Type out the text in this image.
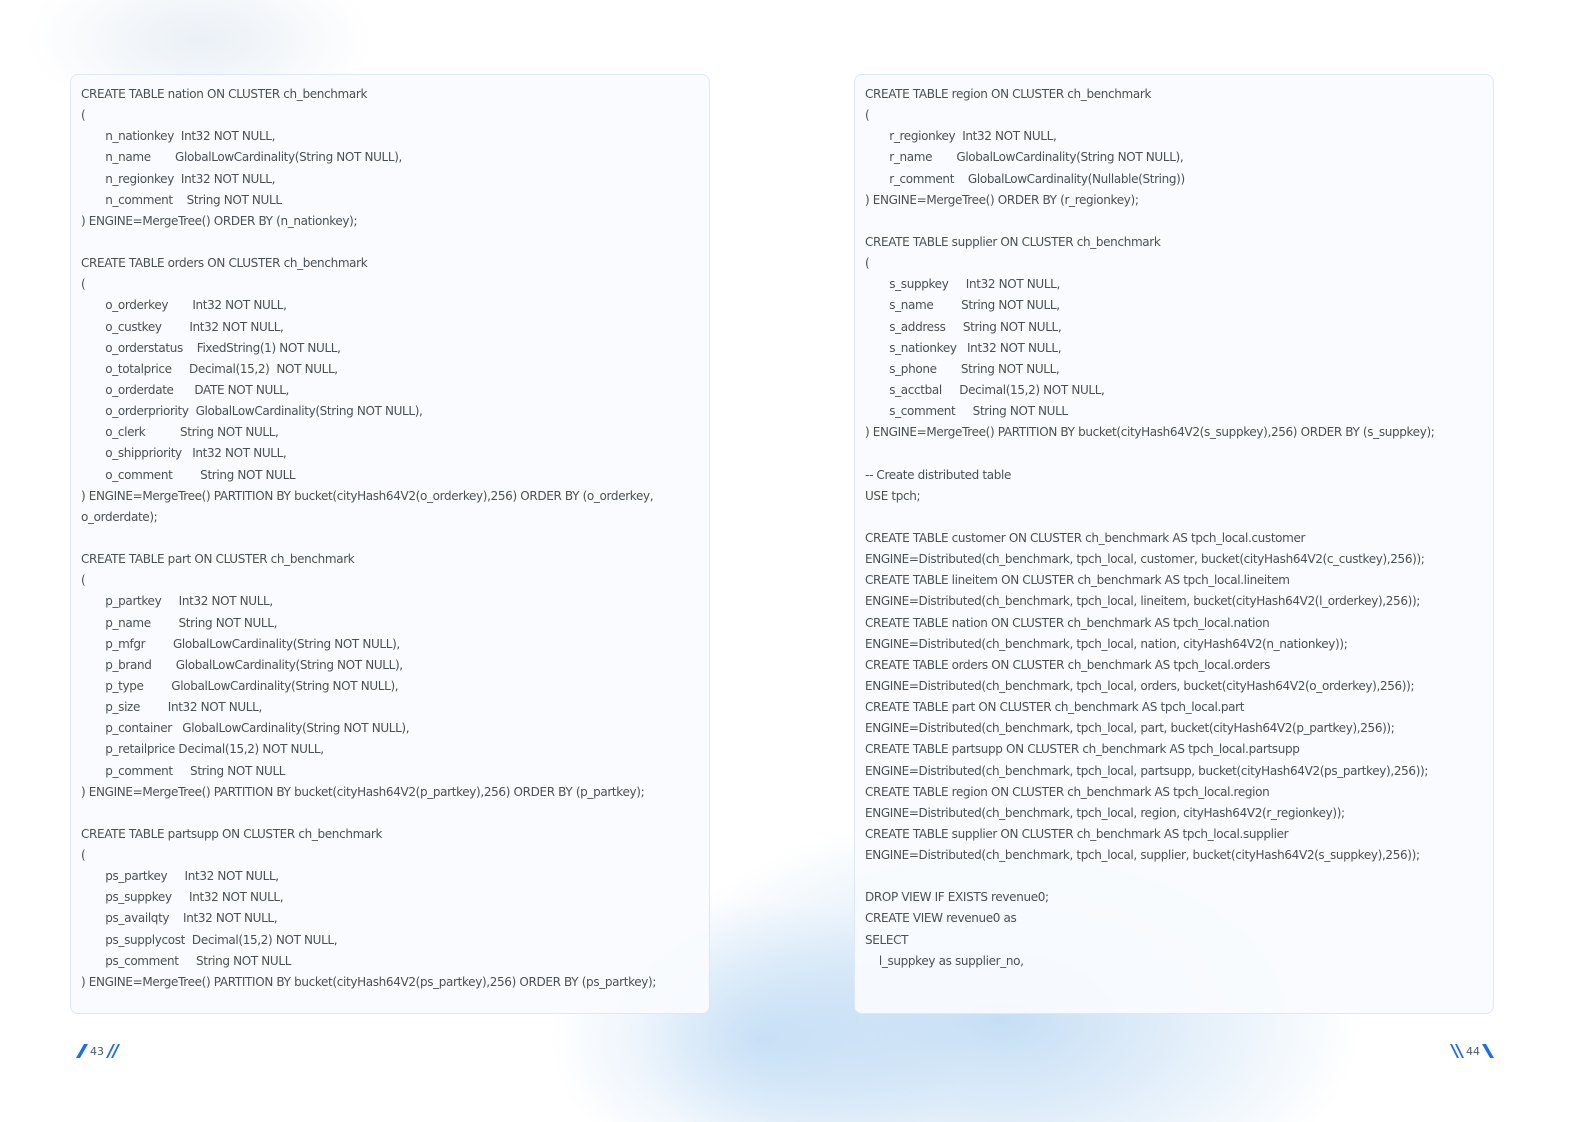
CREATE TABLE nation ON CLUSTER ch_benchmark
(
n_nationkey  Int32 NOT NULL,
n_name       GlobalLowCardinality(String NOT NULL),
n_regionkey  Int32 NOT NULL,
n_comment    String NOT NULL
) ENGINE=MergeTree() ORDER BY (n_nationkey);
CREATE TABLE orders ON CLUSTER ch_benchmark
(
o_orderkey       Int32 NOT NULL,
o_custkey        Int32 NOT NULL,
o_orderstatus    FixedString(1) NOT NULL,
o_totalprice     Decimal(15,2)  NOT NULL,
o_orderdate      DATE NOT NULL,
o_orderpriority  GlobalLowCardinality(String NOT NULL),
o_clerk          String NOT NULL,
o_shippriority   Int32 NOT NULL,
o_comment        String NOT NULL
) ENGINE=MergeTree() PARTITION BY bucket(cityHash64V2(o_orderkey),256) ORDER BY (o_orderkey,
o_orderdate);
CREATE TABLE part ON CLUSTER ch_benchmark
(
p_partkey     Int32 NOT NULL,
p_name        String NOT NULL,
p_mfgr        GlobalLowCardinality(String NOT NULL),
p_brand       GlobalLowCardinality(String NOT NULL),
p_type        GlobalLowCardinality(String NOT NULL),
p_size        Int32 NOT NULL,
p_container   GlobalLowCardinality(String NOT NULL),
p_retailprice Decimal(15,2) NOT NULL,
p_comment     String NOT NULL
) ENGINE=MergeTree() PARTITION BY bucket(cityHash64V2(p_partkey),256) ORDER BY (p_partkey);
CREATE TABLE partsupp ON CLUSTER ch_benchmark
(
ps_partkey     Int32 NOT NULL,
ps_suppkey     Int32 NOT NULL,
ps_availqty    Int32 NOT NULL,
ps_supplycost  Decimal(15,2) NOT NULL,
ps_comment     String NOT NULL
) ENGINE=MergeTree() PARTITION BY bucket(cityHash64V2(ps_partkey),256) ORDER BY (ps_partkey);
CREATE TABLE region ON CLUSTER ch_benchmark
(
r_regionkey  Int32 NOT NULL,
r_name       GlobalLowCardinality(String NOT NULL),
r_comment    GlobalLowCardinality(Nullable(String))
) ENGINE=MergeTree() ORDER BY (r_regionkey);
CREATE TABLE supplier ON CLUSTER ch_benchmark
(
s_suppkey     Int32 NOT NULL,
s_name        String NOT NULL,
s_address     String NOT NULL,
s_nationkey   Int32 NOT NULL,
s_phone       String NOT NULL,
s_acctbal     Decimal(15,2) NOT NULL,
s_comment     String NOT NULL
) ENGINE=MergeTree() PARTITION BY bucket(cityHash64V2(s_suppkey),256) ORDER BY (s_suppkey);
-- Create distributed table
USE tpch;
CREATE TABLE customer ON CLUSTER ch_benchmark AS tpch_local.customer
ENGINE=Distributed(ch_benchmark, tpch_local, customer, bucket(cityHash64V2(c_custkey),256));
CREATE TABLE lineitem ON CLUSTER ch_benchmark AS tpch_local.lineitem
ENGINE=Distributed(ch_benchmark, tpch_local, lineitem, bucket(cityHash64V2(l_orderkey),256));
CREATE TABLE nation ON CLUSTER ch_benchmark AS tpch_local.nation
ENGINE=Distributed(ch_benchmark, tpch_local, nation, cityHash64V2(n_nationkey));
CREATE TABLE orders ON CLUSTER ch_benchmark AS tpch_local.orders
ENGINE=Distributed(ch_benchmark, tpch_local, orders, bucket(cityHash64V2(o_orderkey),256));
CREATE TABLE part ON CLUSTER ch_benchmark AS tpch_local.part
ENGINE=Distributed(ch_benchmark, tpch_local, part, bucket(cityHash64V2(p_partkey),256));
CREATE TABLE partsupp ON CLUSTER ch_benchmark AS tpch_local.partsupp
ENGINE=Distributed(ch_benchmark, tpch_local, partsupp, bucket(cityHash64V2(ps_partkey),256));
CREATE TABLE region ON CLUSTER ch_benchmark AS tpch_local.region
ENGINE=Distributed(ch_benchmark, tpch_local, region, cityHash64V2(r_regionkey));
CREATE TABLE supplier ON CLUSTER ch_benchmark AS tpch_local.supplier
ENGINE=Distributed(ch_benchmark, tpch_local, supplier, bucket(cityHash64V2(s_suppkey),256));
DROP VIEW IF EXISTS revenue0;
CREATE VIEW revenue0 as
SELECT
l_suppkey as supplier_no,
43	44
